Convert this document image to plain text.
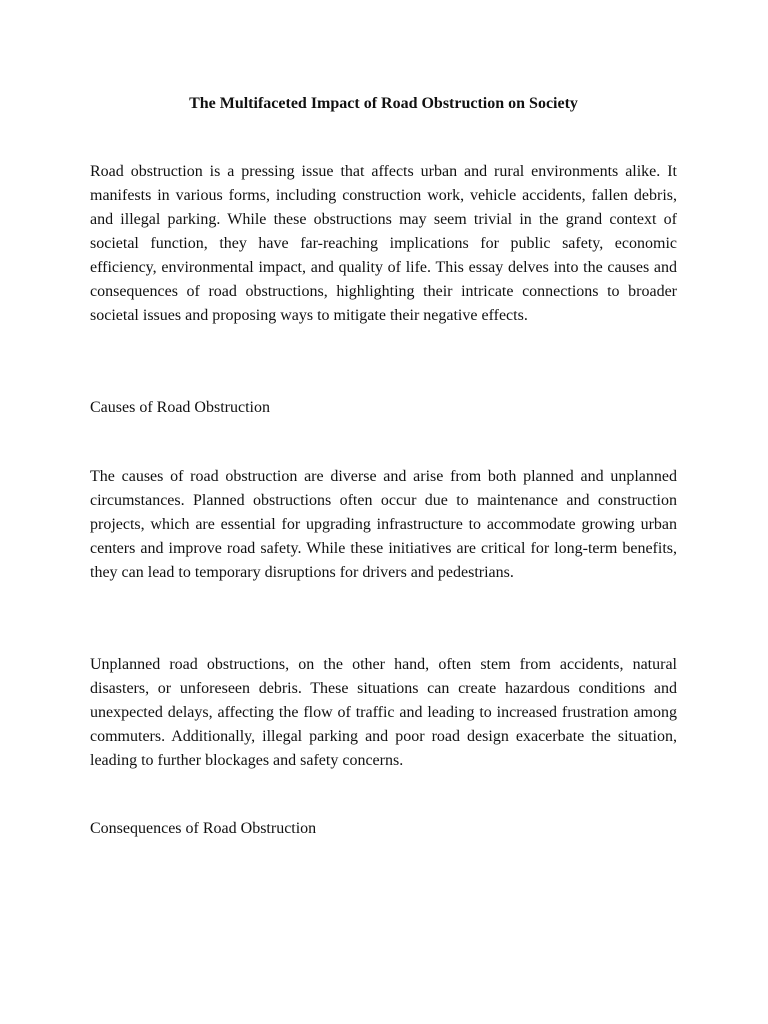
The Multifaceted Impact of Road Obstruction on Society

Road obstruction is a pressing issue that affects urban and rural environments alike. It manifests in various forms, including construction work, vehicle accidents, fallen debris, and illegal parking. While these obstructions may seem trivial in the grand context of societal function, they have far-reaching implications for public safety, economic efficiency, environmental impact, and quality of life. This essay delves into the causes and consequences of road obstructions, highlighting their intricate connections to broader societal issues and proposing ways to mitigate their negative effects.

Causes of Road Obstruction

The causes of road obstruction are diverse and arise from both planned and unplanned circumstances. Planned obstructions often occur due to maintenance and construction projects, which are essential for upgrading infrastructure to accommodate growing urban centers and improve road safety. While these initiatives are critical for long-term benefits, they can lead to temporary disruptions for drivers and pedestrians.

Unplanned road obstructions, on the other hand, often stem from accidents, natural disasters, or unforeseen debris. These situations can create hazardous conditions and unexpected delays, affecting the flow of traffic and leading to increased frustration among commuters. Additionally, illegal parking and poor road design exacerbate the situation, leading to further blockages and safety concerns.

Consequences of Road Obstruction
